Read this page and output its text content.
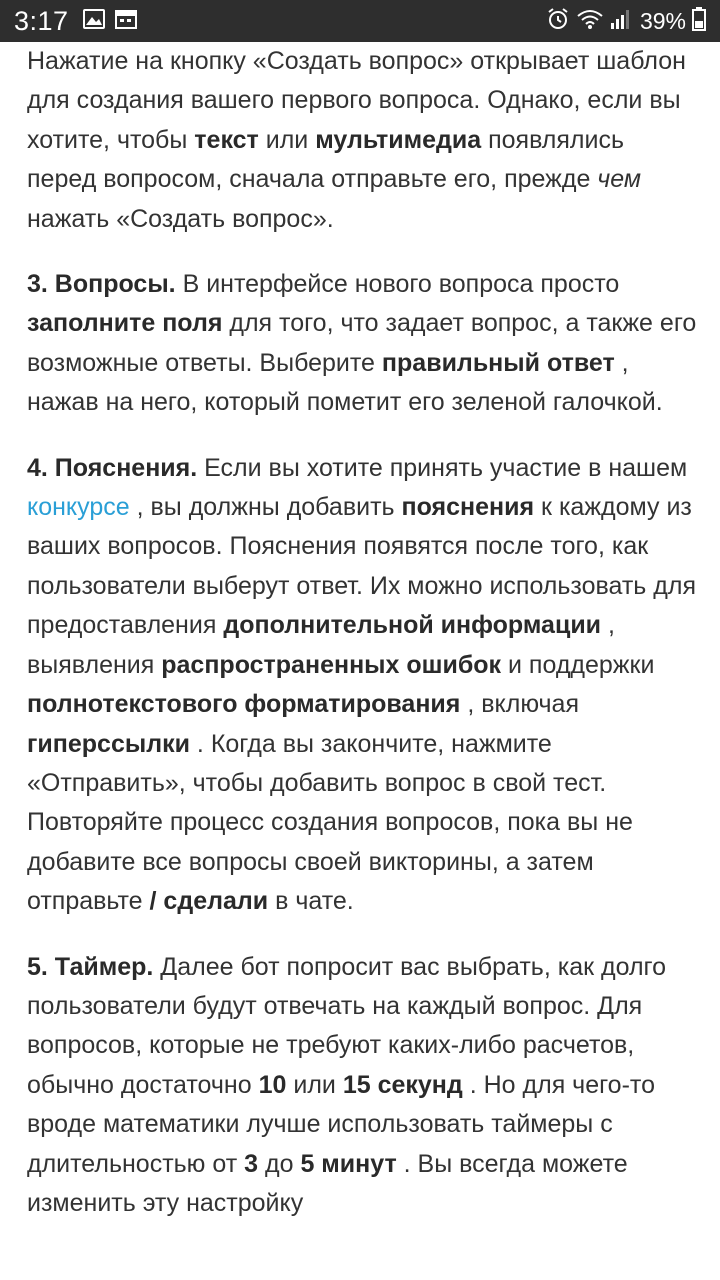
3:17	39%

Нажатие на кнопку «Создать вопрос» открывает шаблон для создания вашего первого вопроса. Однако, если вы хотите, чтобы текст или мультимедиа появлялись перед вопросом, сначала отправьте его, прежде чем нажать «Создать вопрос».

3. Вопросы. В интерфейсе нового вопроса просто заполните поля для того, что задает вопрос, а также его возможные ответы. Выберите правильный ответ , нажав на него, который пометит его зеленой галочкой.

4. Пояснения. Если вы хотите принять участие в нашем конкурсе , вы должны добавить пояснения к каждому из ваших вопросов. Пояснения появятся после того, как пользователи выберут ответ. Их можно использовать для предоставления дополнительной информации , выявления распространенных ошибок и поддержки полнотекстового форматирования , включая гиперссылки . Когда вы закончите, нажмите «Отправить», чтобы добавить вопрос в свой тест. Повторяйте процесс создания вопросов, пока вы не добавите все вопросы своей викторины, а затем отправьте / сделали в чате.

5. Таймер. Далее бот попросит вас выбрать, как долго пользователи будут отвечать на каждый вопрос. Для вопросов, которые не требуют каких-либо расчетов, обычно достаточно 10 или 15 секунд . Но для чего-то вроде математики лучше использовать таймеры с длительностью от 3 до 5 минут . Вы всегда можете изменить эту настройку
